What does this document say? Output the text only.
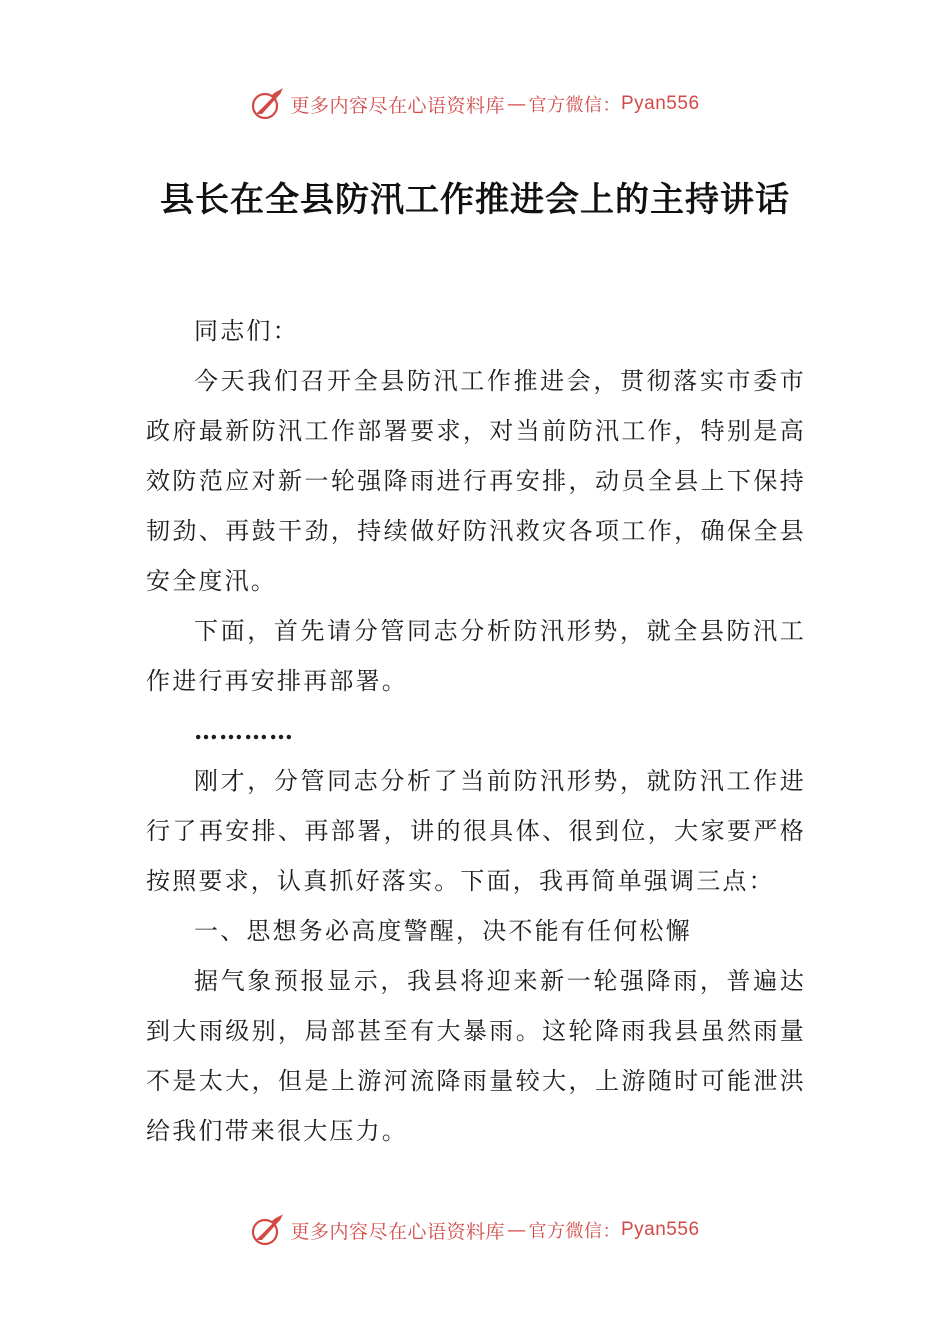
更多内容尽在心语资料库 — 官方微信： Pyan556
县长在全县防汛工作推进会上的主持讲话

同志们：

今天我们召开全县防汛工作推进会，贯彻落实市委市政府最新防汛工作部署要求，对当前防汛工作，特别是高效防范应对新一轮强降雨进行再安排，动员全县上下保持韧劲、再鼓干劲，持续做好防汛救灾各项工作，确保全县安全度汛。

下面，首先请分管同志分析防汛形势，就全县防汛工作进行再安排再部署。

…………

刚才，分管同志分析了当前防汛形势，就防汛工作进行了再安排、再部署，讲的很具体、很到位，大家要严格按照要求，认真抓好落实。下面，我再简单强调三点：

一、思想务必高度警醒，决不能有任何松懈

据气象预报显示，我县将迎来新一轮强降雨，普遍达到大雨级别，局部甚至有大暴雨。这轮降雨我县虽然雨量不是太大，但是上游河流降雨量较大，上游随时可能泄洪给我们带来很大压力。

更多内容尽在心语资料库 — 官方微信： Pyan556
